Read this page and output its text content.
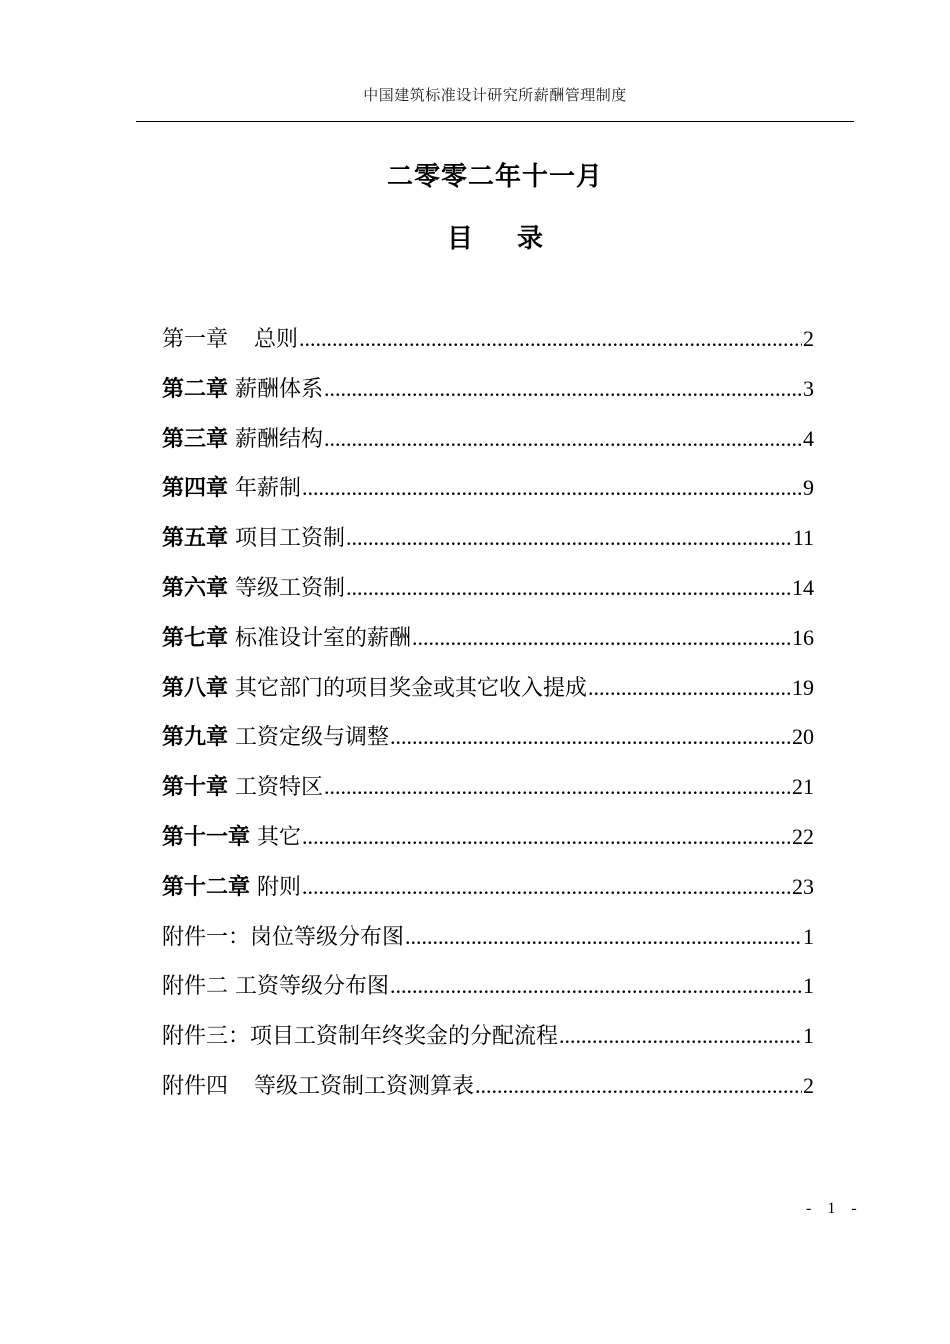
中国建筑标准设计研究所薪酬管理制度
二零零二年十一月
目 录
第一章 总则 .....	2
第二章 薪酬体系 .....	3
第三章 薪酬结构 .....	4
第四章 年薪制 .....	9
第五章 项目工资制 .....	11
第六章 等级工资制 .....	14
第七章 标准设计室的薪酬 .....	16
第八章 其它部门的项目奖金或其它收入提成 .....	19
第九章 工资定级与调整 .....	20
第十章 工资特区 .....	21
第十一章 其它 .....	22
第十二章 附则 .....	23
附件一： 岗位等级分布图 .....	1
附件二 工资等级分布图 .....	1
附件三： 项目工资制年终奖金的分配流程 .....	1
附件四 等级工资制工资测算表 .....	2
- 1 -
